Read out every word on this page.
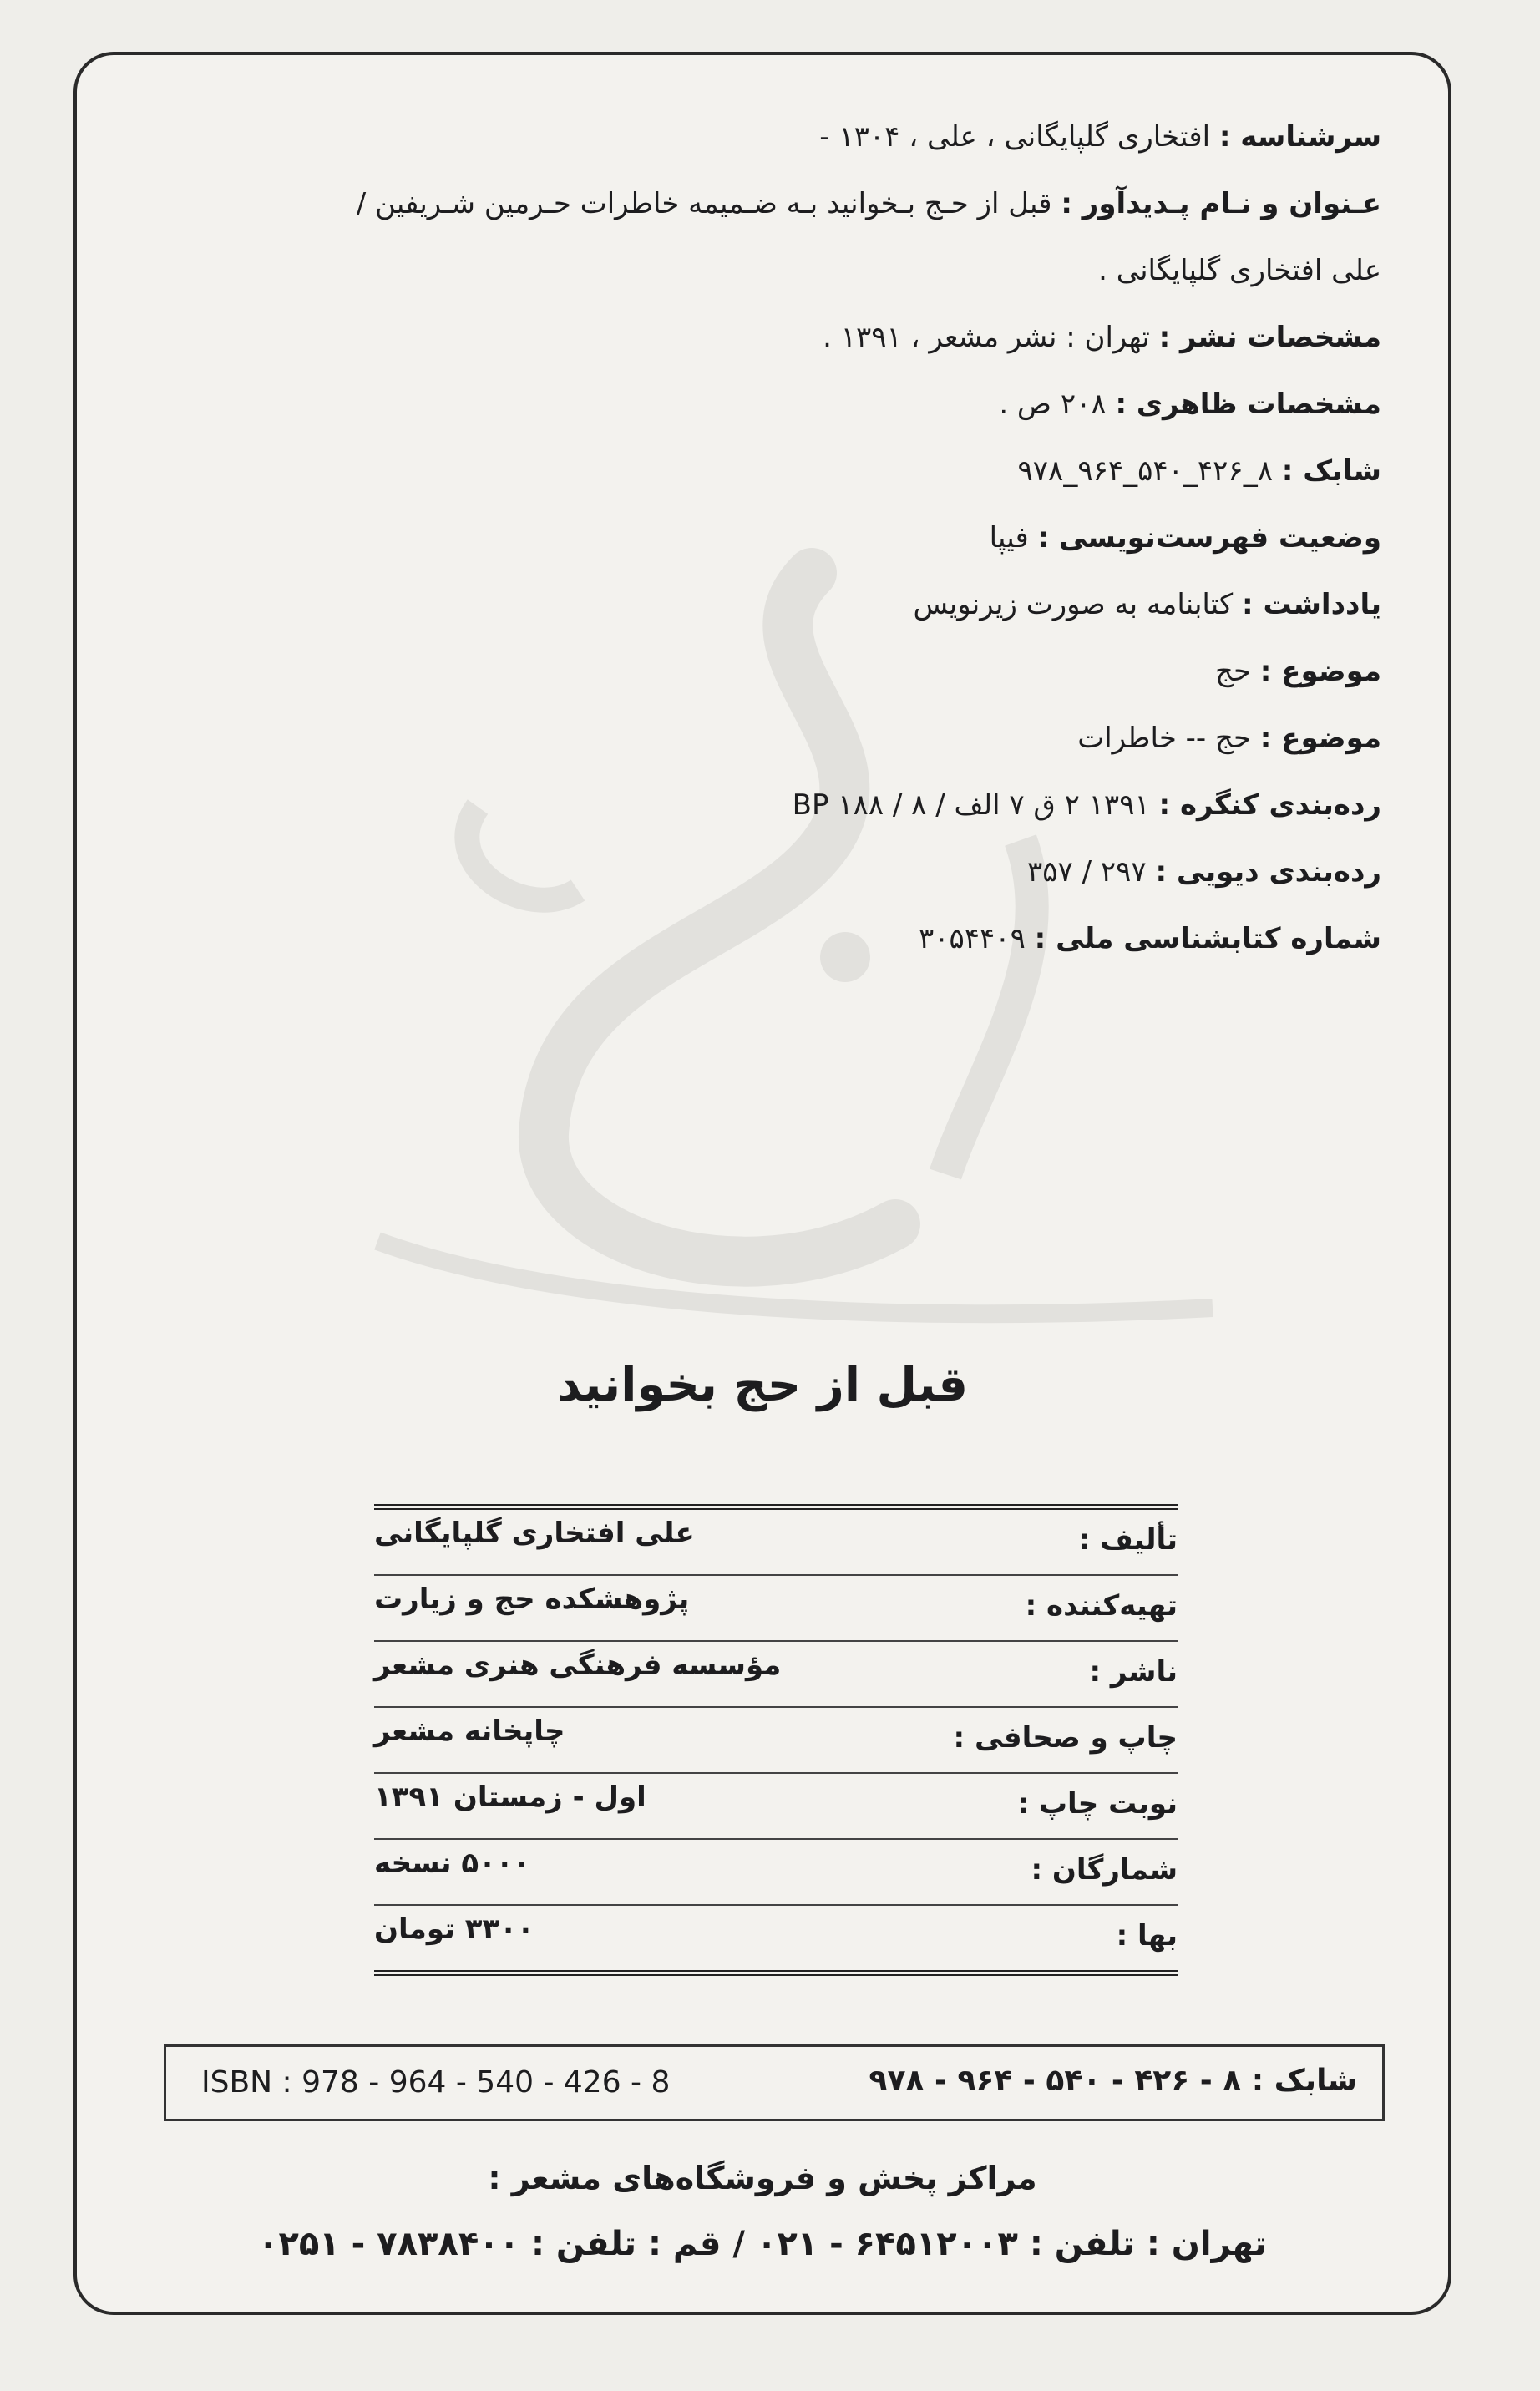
سرشناسه : افتخاری گلپایگانی ، علی ، ۱۳۰۴ -
عـنوان و نـام پـدیدآور : قبل از حـج بـخوانید بـه ضـمیمه خاطرات حـرمین شـریفین /
علی افتخاری گلپایگانی .
مشخصات نشر : تهران : نشر مشعر ، ۱۳۹۱ .
مشخصات ظاهری : ۲۰۸ ص .
شابک : ۸_۴۲۶_۵۴۰_۹۶۴_۹۷۸
وضعیت فهرست‌نویسی : فیپا
یادداشت : کتابنامه به صورت زیرنویس
موضوع : حج
موضوع : حج -- خاطرات
رده‌بندی کنگره : ۱۳۹۱ ۲ ق ۷ الف / ۸ / ۱۸۸ BP
رده‌بندی دیویی : ۲۹۷ / ۳۵۷
شماره کتابشناسی ملی : ۳۰۵۴۴۰۹
قبل از حج بخوانید
تألیف :
علی افتخاری گلپایگانی
تهیه‌کننده :
پژوهشکده حج و زیارت
ناشر :
مؤسسه فرهنگی هنری مشعر
چاپ و صحافی :
چاپخانه مشعر
نوبت چاپ :
اول - زمستان ۱۳۹۱
شمارگان :
۵۰۰۰ نسخه
بها :
۳۳۰۰ تومان
شابک : ۸ - ۴۲۶ - ۵۴۰ - ۹۶۴ - ۹۷۸
ISBN : 978 - 964 - 540 - 426 - 8
مراکز پخش و فروشگاه‌های مشعر :
تهران : تلفن : ۶۴۵۱۲۰۰۳ - ۰۲۱ / قم : تلفن : ۷۸۳۸۴۰۰ - ۰۲۵۱
